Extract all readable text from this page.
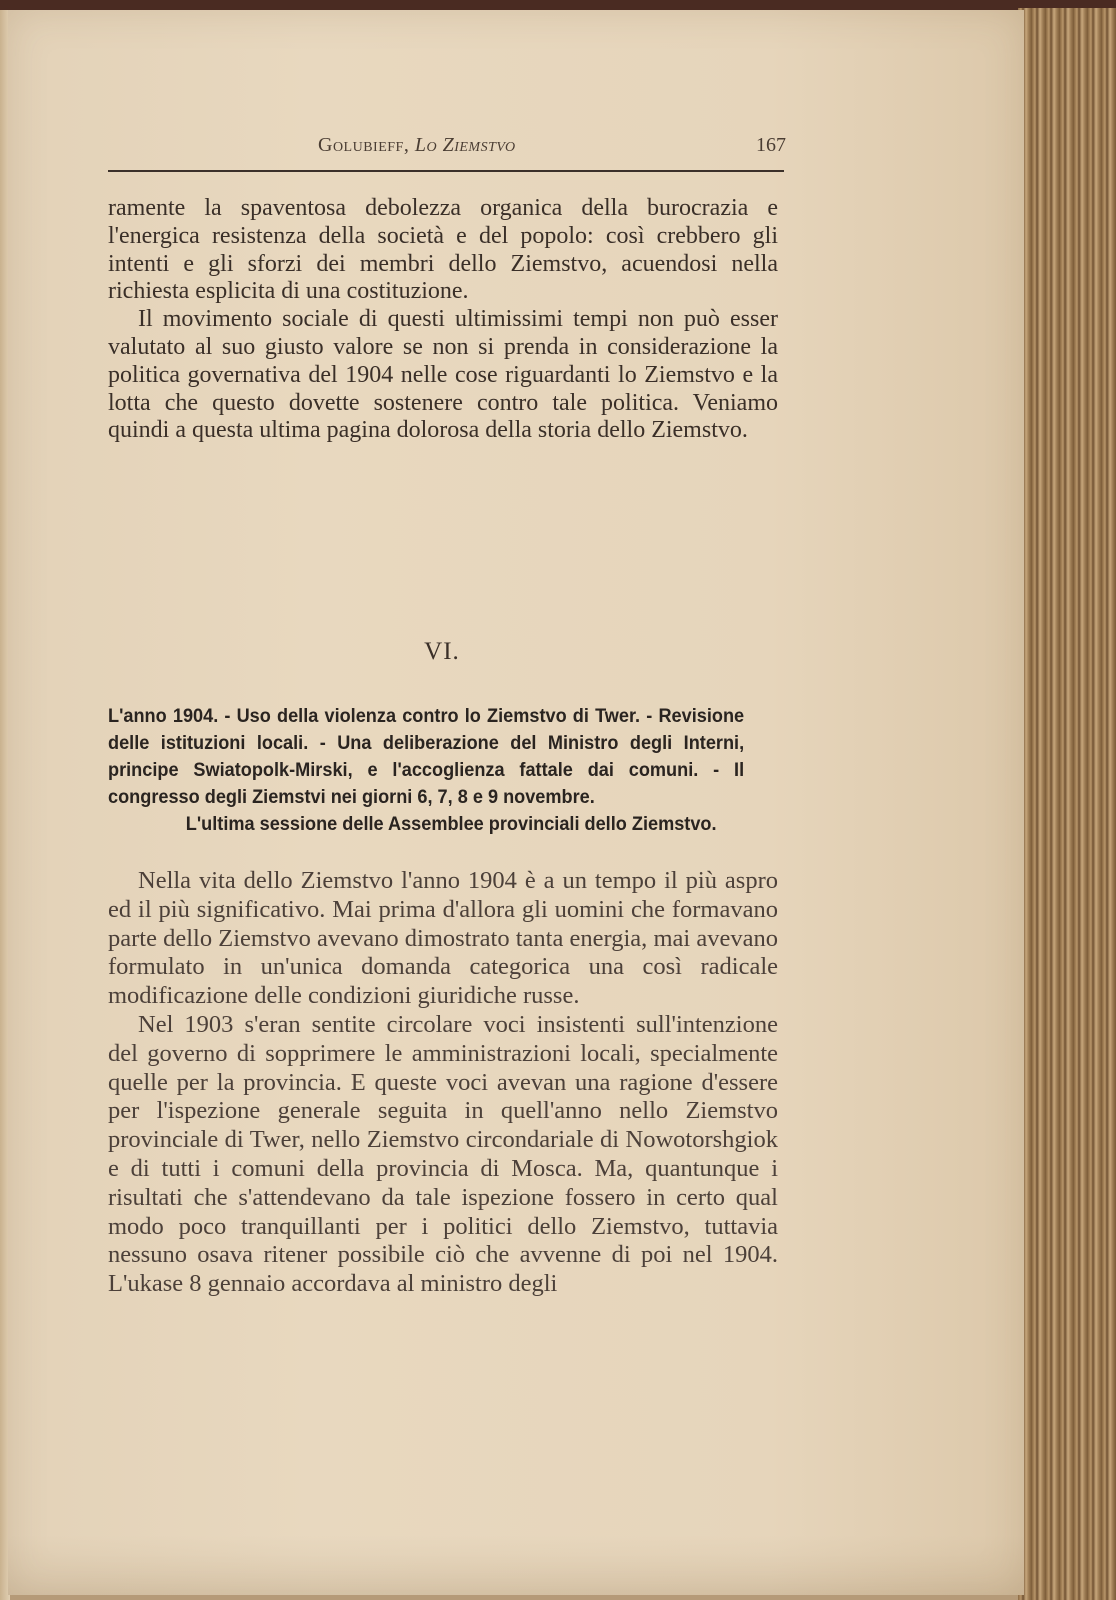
Golubieff, Lo Ziemstvo	167

ramente la spaventosa debolezza organica della burocrazia e l'energica resistenza della società e del popolo: così crebbero gli intenti e gli sforzi dei membri dello Ziemstvo, acuendosi nella richiesta esplicita di una costituzione.

Il movimento sociale di questi ultimissimi tempi non può esser valutato al suo giusto valore se non si prenda in considerazione la politica governativa del 1904 nelle cose riguardanti lo Ziemstvo e la lotta che questo dovette sostenere contro tale politica. Veniamo quindi a questa ultima pagina dolorosa della storia dello Ziemstvo.

VI.
L'anno 1904. - Uso della violenza contro lo Ziemstvo di Twer. - Revisione delle istituzioni locali. - Una deliberazione del Ministro degli Interni, principe Swiatopolk-Mirski, e l'accoglienza fattale dai comuni. - Il congresso degli Ziemstvi nei giorni 6, 7, 8 e 9 novembre.
L'ultima sessione delle Assemblee provinciali dello Ziemstvo.

Nella vita dello Ziemstvo l'anno 1904 è a un tempo il più aspro ed il più significativo. Mai prima d'allora gli uomini che formavano parte dello Ziemstvo avevano dimostrato tanta energia, mai avevano formulato in un'unica domanda categorica una così radicale modificazione delle condizioni giuridiche russe.

Nel 1903 s'eran sentite circolare voci insistenti sull'intenzione del governo di sopprimere le amministrazioni locali, specialmente quelle per la provincia. E queste voci avevan una ragione d'essere per l'ispezione generale seguita in quell'anno nello Ziemstvo provinciale di Twer, nello Ziemstvo circondariale di Nowotorshgiok e di tutti i comuni della provincia di Mosca. Ma, quantunque i risultati che s'attendevano da tale ispezione fossero in certo qual modo poco tranquillanti per i politici dello Ziemstvo, tuttavia nessuno osava ritener possibile ciò che avvenne di poi nel 1904. L'ukase 8 gennaio accordava al ministro degli
